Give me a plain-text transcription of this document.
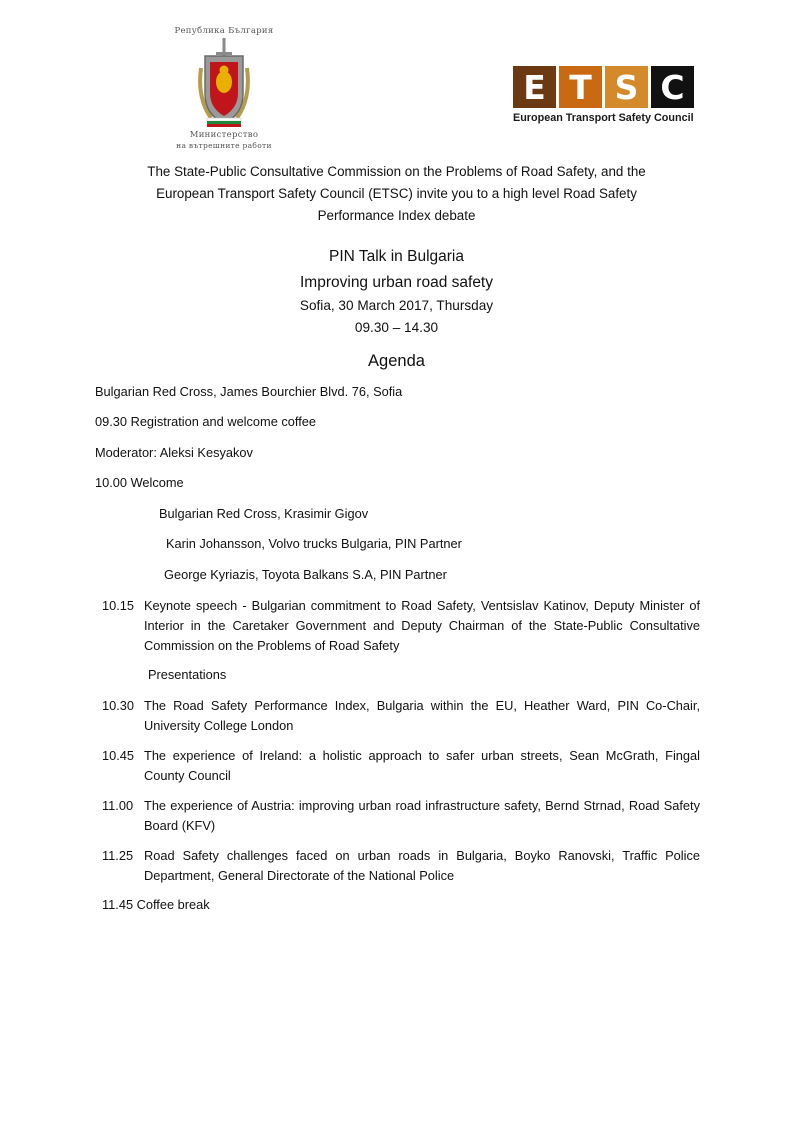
Република България
Министерство
на вътрешните работи
E T S C
European Transport Safety Council
The State-Public Consultative Commission on the Problems of Road Safety, and the
European Transport Safety Council (ETSC) invite you to a high level Road Safety
Performance Index debate
PIN Talk in Bulgaria
Improving urban road safety
Sofia, 30 March 2017, Thursday
09.30 – 14.30
Agenda
Bulgarian Red Cross, James Bourchier Blvd. 76, Sofia
09.30 Registration and welcome coffee
Moderator: Aleksi Kesyakov
10.00 Welcome
Bulgarian Red Cross, Krasimir Gigov
Karin Johansson, Volvo trucks Bulgaria, PIN Partner
George Kyriazis, Toyota Balkans S.A, PIN Partner
10.15 Keynote speech - Bulgarian commitment to Road Safety, Ventsislav Katinov, Deputy Minister of Interior in the Caretaker Government and Deputy Chairman of the State-Public Consultative Commission on the Problems of Road Safety
Presentations
10.30 The Road Safety Performance Index, Bulgaria within the EU, Heather Ward, PIN Co-Chair, University College London
10.45 The experience of Ireland: a holistic approach to safer urban streets, Sean McGrath, Fingal County Council
11.00 The experience of Austria: improving urban road infrastructure safety, Bernd Strnad, Road Safety Board (KFV)
11.25 Road Safety challenges faced on urban roads in Bulgaria, Boyko Ranovski, Traffic Police Department, General Directorate of the National Police
11.45 Coffee break
